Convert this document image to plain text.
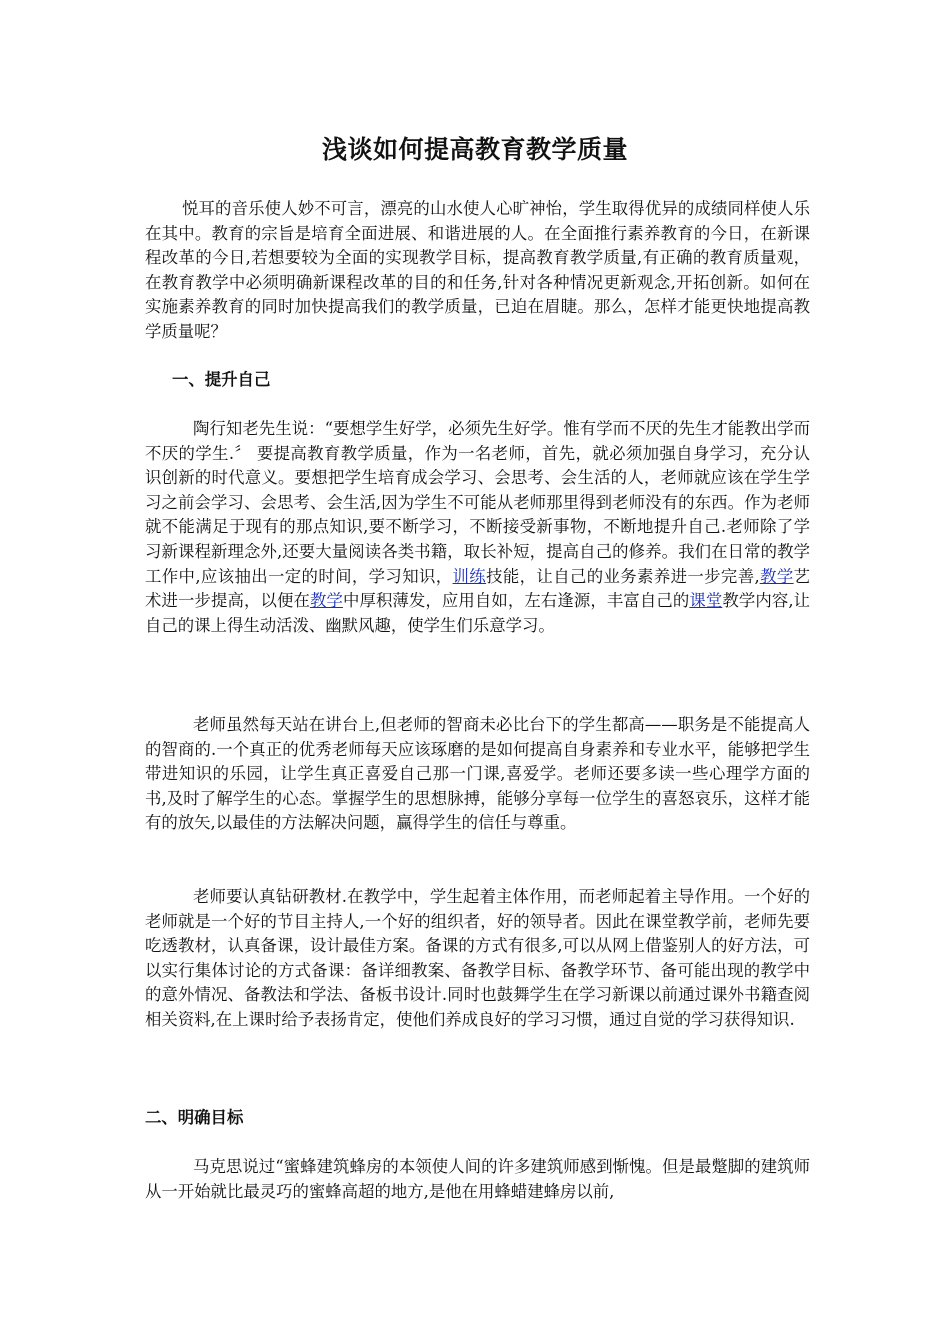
浅谈如何提高教育教学质量

悦耳的音乐使人妙不可言，漂亮的山水使人心旷神怡，学生取得优异的成绩同样使人乐在其中。教育的宗旨是培育全面进展、和谐进展的人。在全面推行素养教育的今日，在新课程改革的今日,若想要较为全面的实现教学目标，提高教育教学质量,有正确的教育质量观，在教育教学中必须明确新课程改革的目的和任务,针对各种情况更新观念,开拓创新。如何在实施素养教育的同时加快提高我们的教学质量，已迫在眉睫。那么，怎样才能更快地提高教学质量呢？

一、提升自己

陶行知老先生说：“要想学生好学，必须先生好学。惟有学而不厌的先生才能教出学而不厌的学生.〞 要提高教育教学质量，作为一名老师，首先，就必须加强自身学习，充分认识创新的时代意义。要想把学生培育成会学习、会思考、会生活的人，老师就应该在学生学习之前会学习、会思考、会生活,因为学生不可能从老师那里得到老师没有的东西。作为老师就不能满足于现有的那点知识,要不断学习，不断接受新事物，不断地提升自己.老师除了学习新课程新理念外,还要大量阅读各类书籍，取长补短，提高自己的修养。我们在日常的教学工作中,应该抽出一定的时间，学习知识，训练技能，让自己的业务素养进一步完善,教学艺术进一步提高，以便在教学中厚积薄发，应用自如，左右逢源，丰富自己的课堂教学内容,让自己的课上得生动活泼、幽默风趣，使学生们乐意学习。

老师虽然每天站在讲台上,但老师的智商未必比台下的学生都高——职务是不能提高人的智商的.一个真正的优秀老师每天应该琢磨的是如何提高自身素养和专业水平，能够把学生带进知识的乐园，让学生真正喜爱自己那一门课,喜爱学。老师还要多读一些心理学方面的书,及时了解学生的心态。掌握学生的思想脉搏，能够分享每一位学生的喜怒哀乐，这样才能有的放矢,以最佳的方法解决问题，赢得学生的信任与尊重。

老师要认真钻研教材.在教学中，学生起着主体作用，而老师起着主导作用。一个好的老师就是一个好的节目主持人,一个好的组织者，好的领导者。因此在课堂教学前，老师先要吃透教材，认真备课，设计最佳方案。备课的方式有很多,可以从网上借鉴别人的好方法，可以实行集体讨论的方式备课：备详细教案、备教学目标、备教学环节、备可能出现的教学中的意外情况、备教法和学法、备板书设计.同时也鼓舞学生在学习新课以前通过课外书籍查阅相关资料,在上课时给予表扬肯定，使他们养成良好的学习习惯，通过自觉的学习获得知识.

二、明确目标

马克思说过“蜜蜂建筑蜂房的本领使人间的许多建筑师感到惭愧。但是最蹩脚的建筑师从一开始就比最灵巧的蜜蜂高超的地方,是他在用蜂蜡建蜂房以前,
